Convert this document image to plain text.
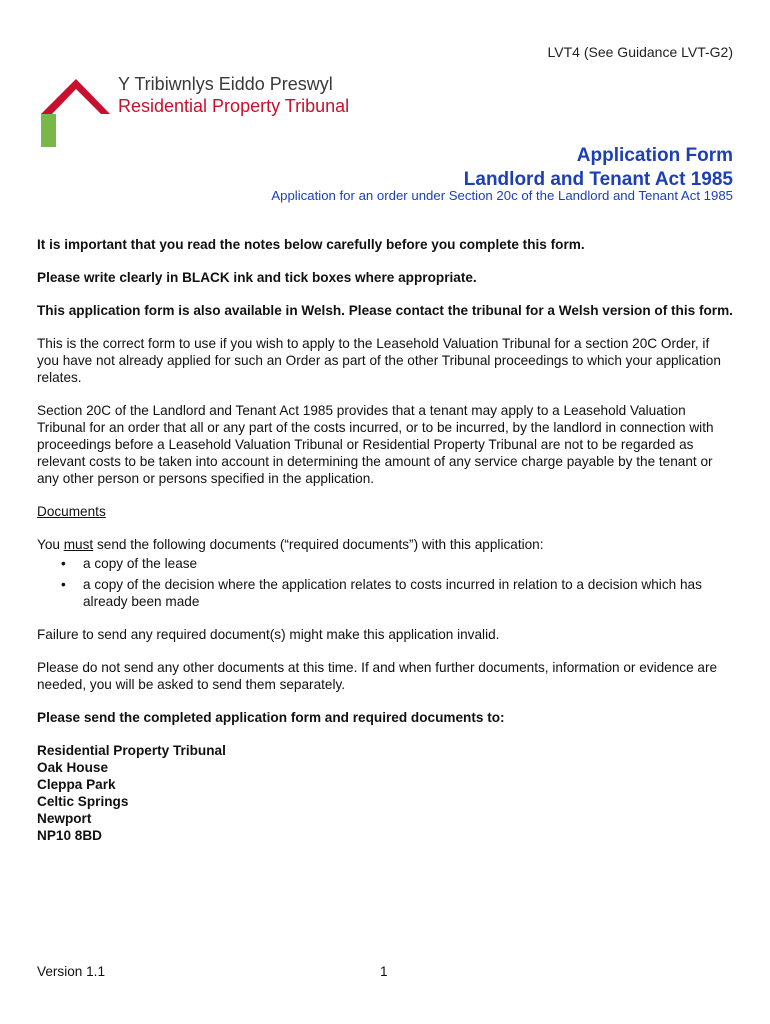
LVT4 (See Guidance LVT-G2)
Y Tribiwnlys Eiddo Preswyl
Residential Property Tribunal
Application Form
Landlord and Tenant Act 1985
Application for an order under Section 20c of the Landlord and Tenant Act 1985

It is important that you read the notes below carefully before you complete this form.

Please write clearly in BLACK ink and tick boxes where appropriate.

This application form is also available in Welsh. Please contact the tribunal for a Welsh version of this form.

This is the correct form to use if you wish to apply to the Leasehold Valuation Tribunal for a section 20C Order, if you have not already applied for such an Order as part of the other Tribunal proceedings to which your application relates.

Section 20C of the Landlord and Tenant Act 1985 provides that a tenant may apply to a Leasehold Valuation Tribunal for an order that all or any part of the costs incurred, or to be incurred, by the landlord in connection with proceedings before a Leasehold Valuation Tribunal or Residential Property Tribunal are not to be regarded as relevant costs to be taken into account in determining the amount of any service charge payable by the tenant or any other person or persons specified in the application.

Documents

You must send the following documents (“required documents”) with this application:

• a copy of the lease
• a copy of the decision where the application relates to costs incurred in relation to a decision which has already been made

Failure to send any required document(s) might make this application invalid.

Please do not send any other documents at this time. If and when further documents, information or evidence are needed, you will be asked to send them separately.

Please send the completed application form and required documents to:

Residential Property Tribunal
Oak House
Cleppa Park
Celtic Springs
Newport
NP10 8BD
Version 1.1	1
